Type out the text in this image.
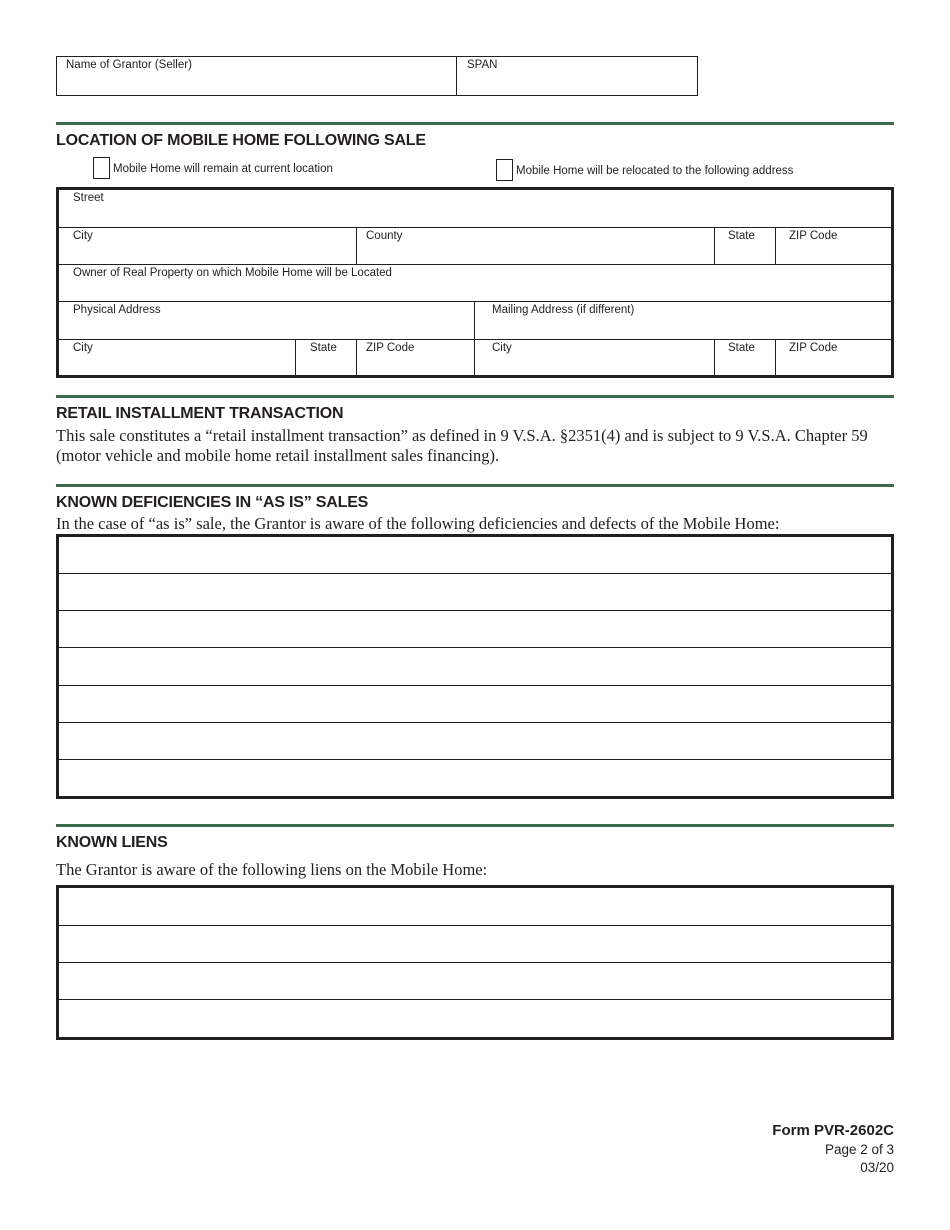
Name of Grantor (Seller)	SPAN
LOCATION OF MOBILE HOME FOLLOWING SALE
Mobile Home will remain at current location	Mobile Home will be relocated to the following address
Street
City	County	State	ZIP Code
Owner of Real Property on which Mobile Home will be Located
Physical Address	Mailing Address (if different)
City	State	ZIP Code	City	State	ZIP Code
RETAIL INSTALLMENT TRANSACTION
This sale constitutes a “retail installment transaction” as defined in 9 V.S.A. §2351(4) and is subject to 9 V.S.A. Chapter 59
(motor vehicle and mobile home retail installment sales financing).
KNOWN DEFICIENCIES IN “AS IS” SALES
In the case of “as is” sale, the Grantor is aware of the following deficiencies and defects of the Mobile Home:
KNOWN LIENS
The Grantor is aware of the following liens on the Mobile Home:
Form PVR-2602C
Page 2 of 3
03/20
